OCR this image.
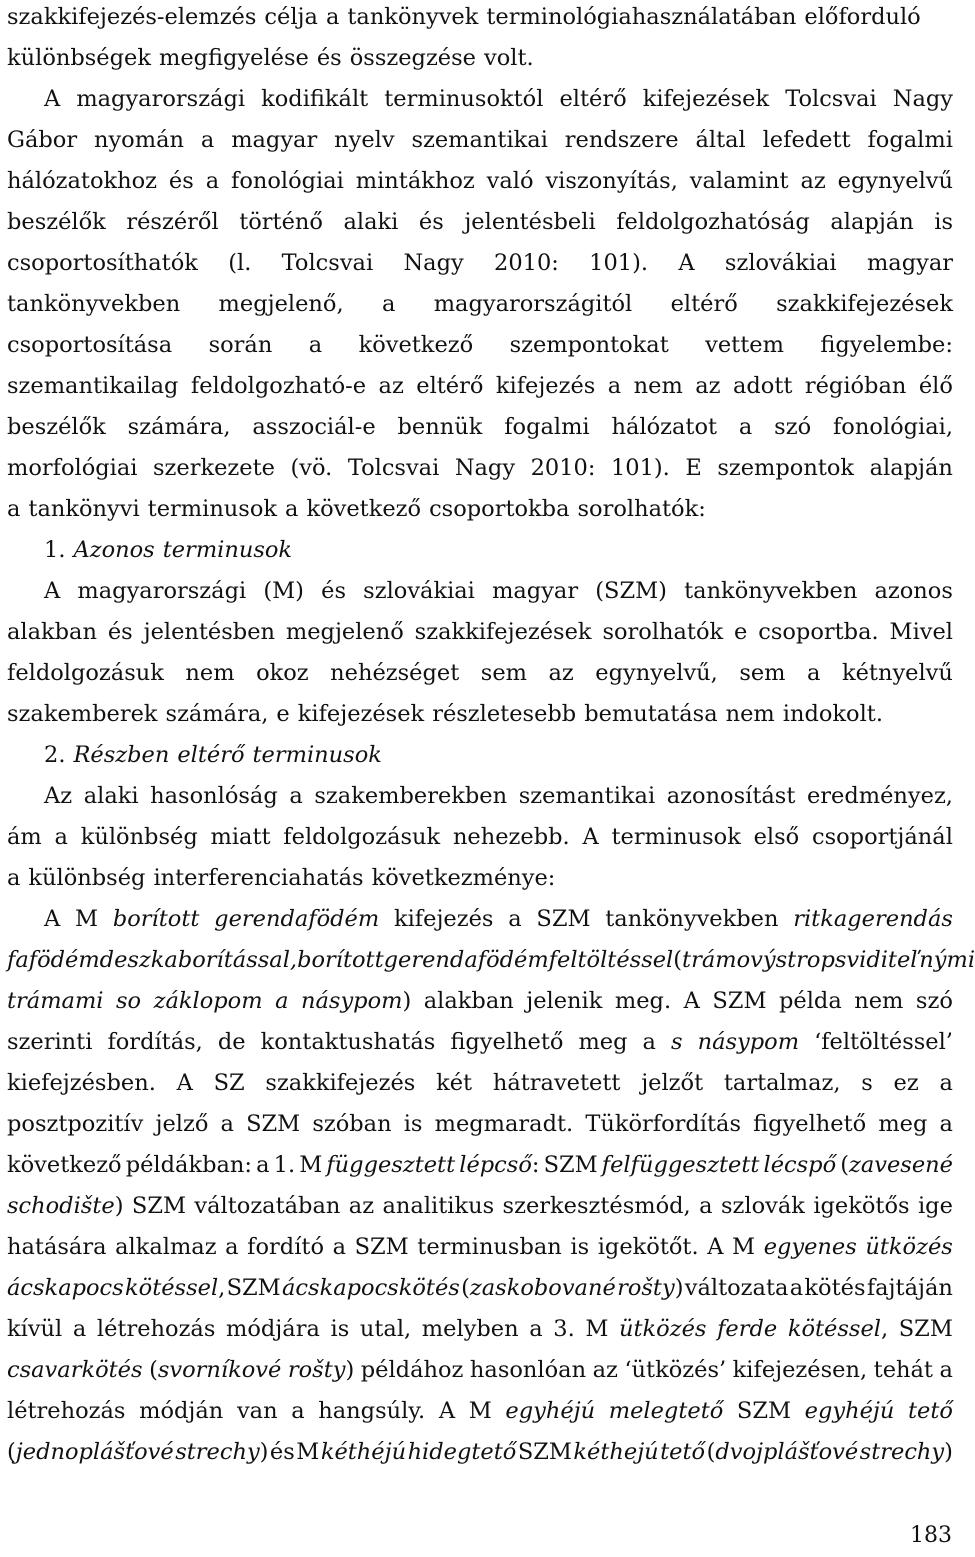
szakkifejezés-elemzés célja a tankönyvek terminológiahasználatában előforduló
különbségek megfigyelése és összegzése volt.
A magyarországi kodifikált terminusoktól eltérő kifejezések Tolcsvai Nagy
Gábor nyomán a magyar nyelv szemantikai rendszere által lefedett fogalmi
hálózatokhoz és a fonológiai mintákhoz való viszonyítás, valamint az egynyelvű
beszélők részéről történő alaki és jelentésbeli feldolgozhatóság alapján is
csoportosíthatók (l. Tolcsvai Nagy 2010: 101). A szlovákiai magyar
tankönyvekben megjelenő, a magyarországitól eltérő szakkifejezések
csoportosítása során a következő szempontokat vettem figyelembe:
szemantikailag feldolgozható-e az eltérő kifejezés a nem az adott régióban élő
beszélők számára, asszociál-e bennük fogalmi hálózatot a szó fonológiai,
morfológiai szerkezete (vö. Tolcsvai Nagy 2010: 101). E szempontok alapján
a tankönyvi terminusok a következő csoportokba sorolhatók:
1. Azonos terminusok
A magyarországi (M) és szlovákiai magyar (SZM) tankönyvekben azonos
alakban és jelentésben megjelenő szakkifejezések sorolhatók e csoportba. Mivel
feldolgozásuk nem okoz nehézséget sem az egynyelvű, sem a kétnyelvű
szakemberek számára, e kifejezések részletesebb bemutatása nem indokolt.
2. Részben eltérő terminusok
Az alaki hasonlóság a szakemberekben szemantikai azonosítást eredményez,
ám a különbség miatt feldolgozásuk nehezebb. A terminusok első csoportjánál
a különbség interferenciahatás következménye:
A M borított gerendafödém kifejezés a SZM tankönyvekben ritkagerendás
fafödém deszkaborítással, borított gerendafödém feltöltéssel (trámový strop s viditeľnými
trámami so záklopom a násypom) alakban jelenik meg. A SZM példa nem szó
szerinti fordítás, de kontaktushatás figyelhető meg a s násypom ‘feltöltéssel’
kiefejzésben. A SZ szakkifejezés két hátravetett jelzőt tartalmaz, s ez a
posztpozitív jelző a SZM szóban is megmaradt. Tükörfordítás figyelhető meg a
következő példákban: a 1. M függesztett lépcső: SZM felfüggesztett lécspő (zavesené
schodište) SZM változatában az analitikus szerkesztésmód, a szlovák igekötős ige
hatására alkalmaz a fordító a SZM terminusban is igekötőt. A M egyenes ütközés
ácskapocs kötéssel, SZM ácskapocskötés (zaskobované rošty) változata a kötés fajtáján
kívül a létrehozás módjára is utal, melyben a 3. M ütközés ferde kötéssel, SZM
csavarkötés (svorníkové rošty) példához hasonlóan az ‘ütközés’ kifejezésen, tehát a
létrehozás módján van a hangsúly. A M egyhéjú melegtető SZM egyhéjú tető
(jednoplášťové strechy) és M kéthéjú hidegtető SZM kéthejú tető (dvojplášťové strechy)
183
